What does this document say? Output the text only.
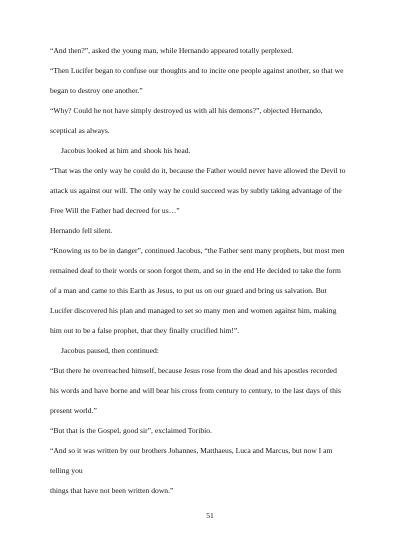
“And then?”, asked the young man, while Hernando appeared totally perplexed.
“Then Lucifer began to confuse our thoughts and to incite one people against another, so that we
began to destroy one another.”
“Why? Could he not have simply destroyed us with all his demons?”, objected Hernando,
sceptical as always.
Jacobus looked at him and shook his head.
“That was the only way he could do it, because the Father would never have allowed the Devil to
attack us against our will. The only way he could succeed was by subtly taking advantage of the
Free Will the Father had decreed for us…”
Hernando fell silent.
“Knowing us to be in danger”, continued Jacobus, “the Father sent many prophets, but most men
remained deaf to their words or soon forgot them, and so in the end He decided to take the form
of a man and came to this Earth as Jesus, to put us on our guard and bring us salvation. But
Lucifer discovered his plan and managed to set so many men and women against him, making
him out to be a false prophet, that they finally crucified him!”.
Jacobus paused, then continued:
“But there he overreached himself, because Jesus rose from the dead and his apostles recorded
his words and have borne and will bear his cross from century to century, to the last days of this
present world.”
“But that is the Gospel, good sir”, exclaimed Toribio.
“And so it was written by our brothers Johannes, Matthaeus, Luca and Marcus, but now I am
telling you
things that have not been written down.”
51
